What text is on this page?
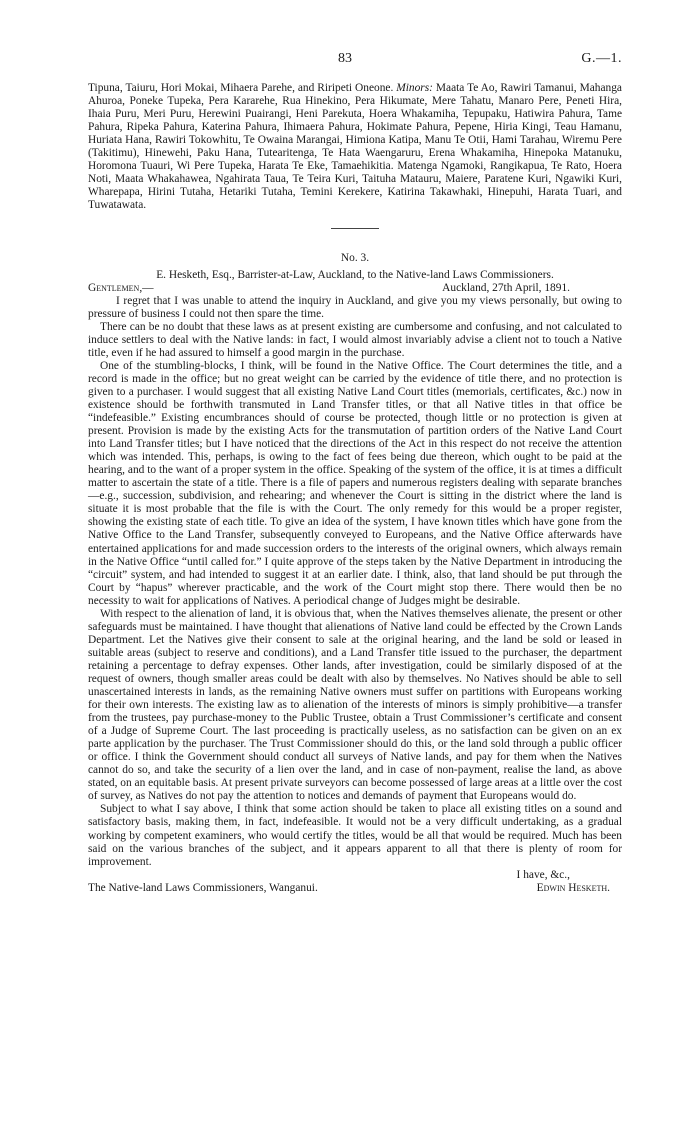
83	G.—1.

Tipuna, Taiuru, Hori Mokai, Mihaera Parehe, and Riripeti Oneone. Minors: Maata Te Ao, Rawiri Tamanui, Mahanga Ahuroa, Poneke Tupeka, Pera Kararehe, Rua Hinekino, Pera Hikumate, Mere Tahatu, Manaro Pere, Peneti Hira, Ihaia Puru, Meri Puru, Herewini Puairangi, Heni Parekuta, Hoera Whakamiha, Tepupaku, Hatiwira Pahura, Tame Pahura, Ripeka Pahura, Katerina Pahura, Ihimaera Pahura, Hokimate Pahura, Pepene, Hiria Kingi, Teau Hamanu, Huriata Hana, Rawiri Tokowhitu, Te Owaina Marangai, Himiona Katipa, Manu Te Otii, Hami Tarahau, Wiremu Pere (Takitimu), Hinewehi, Paku Hana, Tutearitenga, Te Hata Waengaruru, Erena Whakamiha, Hinepoka Matanuku, Horomona Tuauri, Wi Pere Tupeka, Harata Te Eke, Tamaehikitia. Matenga Ngamoki, Rangikapua, Te Rato, Hoera Noti, Maata Whakahawea, Ngahirata Taua, Te Teira Kuri, Taituha Matauru, Maiere, Paratene Kuri, Ngawiki Kuri, Wharepapa, Hirini Tutaha, Hetariki Tutaha, Temini Kerekere, Katirina Takawhaki, Hinepuhi, Harata Tuari, and Tuwatawata.

No. 3.

E. Hesketh, Esq., Barrister-at-Law, Auckland, to the Native-land Laws Commissioners.

Gentlemen,—	Auckland, 27th April, 1891.

I regret that I was unable to attend the inquiry in Auckland, and give you my views personally, but owing to pressure of business I could not then spare the time.

There can be no doubt that these laws as at present existing are cumbersome and confusing, and not calculated to induce settlers to deal with the Native lands: in fact, I would almost invariably advise a client not to touch a Native title, even if he had assured to himself a good margin in the purchase.

One of the stumbling-blocks, I think, will be found in the Native Office. The Court determines the title, and a record is made in the office; but no great weight can be carried by the evidence of title there, and no protection is given to a purchaser. I would suggest that all existing Native Land Court titles (memorials, certificates, &c.) now in existence should be forthwith transmuted in Land Transfer titles, or that all Native titles in that office be “indefeasible.” Existing encumbrances should of course be protected, though little or no protection is given at present. Provision is made by the existing Acts for the transmutation of partition orders of the Native Land Court into Land Transfer titles; but I have noticed that the directions of the Act in this respect do not receive the attention which was intended. This, perhaps, is owing to the fact of fees being due thereon, which ought to be paid at the hearing, and to the want of a proper system in the office. Speaking of the system of the office, it is at times a difficult matter to ascertain the state of a title. There is a file of papers and numerous registers dealing with separate branches—e.g., succession, subdivision, and rehearing; and whenever the Court is sitting in the district where the land is situate it is most probable that the file is with the Court. The only remedy for this would be a proper register, showing the existing state of each title. To give an idea of the system, I have known titles which have gone from the Native Office to the Land Transfer, subsequently conveyed to Europeans, and the Native Office afterwards have entertained applications for and made succession orders to the interests of the original owners, which always remain in the Native Office “until called for.” I quite approve of the steps taken by the Native Department in introducing the “circuit” system, and had intended to suggest it at an earlier date. I think, also, that land should be put through the Court by “hapus” wherever practicable, and the work of the Court might stop there. There would then be no necessity to wait for applications of Natives. A periodical change of Judges might be desirable.

With respect to the alienation of land, it is obvious that, when the Natives themselves alienate, the present or other safeguards must be maintained. I have thought that alienations of Native land could be effected by the Crown Lands Department. Let the Natives give their consent to sale at the original hearing, and the land be sold or leased in suitable areas (subject to reserve and conditions), and a Land Transfer title issued to the purchaser, the department retaining a percentage to defray expenses. Other lands, after investigation, could be similarly disposed of at the request of owners, though smaller areas could be dealt with also by themselves. No Natives should be able to sell unascertained interests in lands, as the remaining Native owners must suffer on partitions with Europeans working for their own interests. The existing law as to alienation of the interests of minors is simply prohibitive—a transfer from the trustees, pay purchase-money to the Public Trustee, obtain a Trust Commissioner’s certificate and consent of a Judge of Supreme Court. The last proceeding is practically useless, as no satisfaction can be given on an ex parte application by the purchaser. The Trust Commissioner should do this, or the land sold through a public officer or office. I think the Government should conduct all surveys of Native lands, and pay for them when the Natives cannot do so, and take the security of a lien over the land, and in case of non-payment, realise the land, as above stated, on an equitable basis. At present private surveyors can become possessed of large areas at a little over the cost of survey, as Natives do not pay the attention to notices and demands of payment that Europeans would do.

Subject to what I say above, I think that some action should be taken to place all existing titles on a sound and satisfactory basis, making them, in fact, indefeasible. It would not be a very difficult undertaking, as a gradual working by competent examiners, who would certify the titles, would be all that would be required. Much has been said on the various branches of the subject, and it appears apparent to all that there is plenty of room for improvement.

I have, &c.,
The Native-land Laws Commissioners, Wanganui.	Edwin Hesketh.
